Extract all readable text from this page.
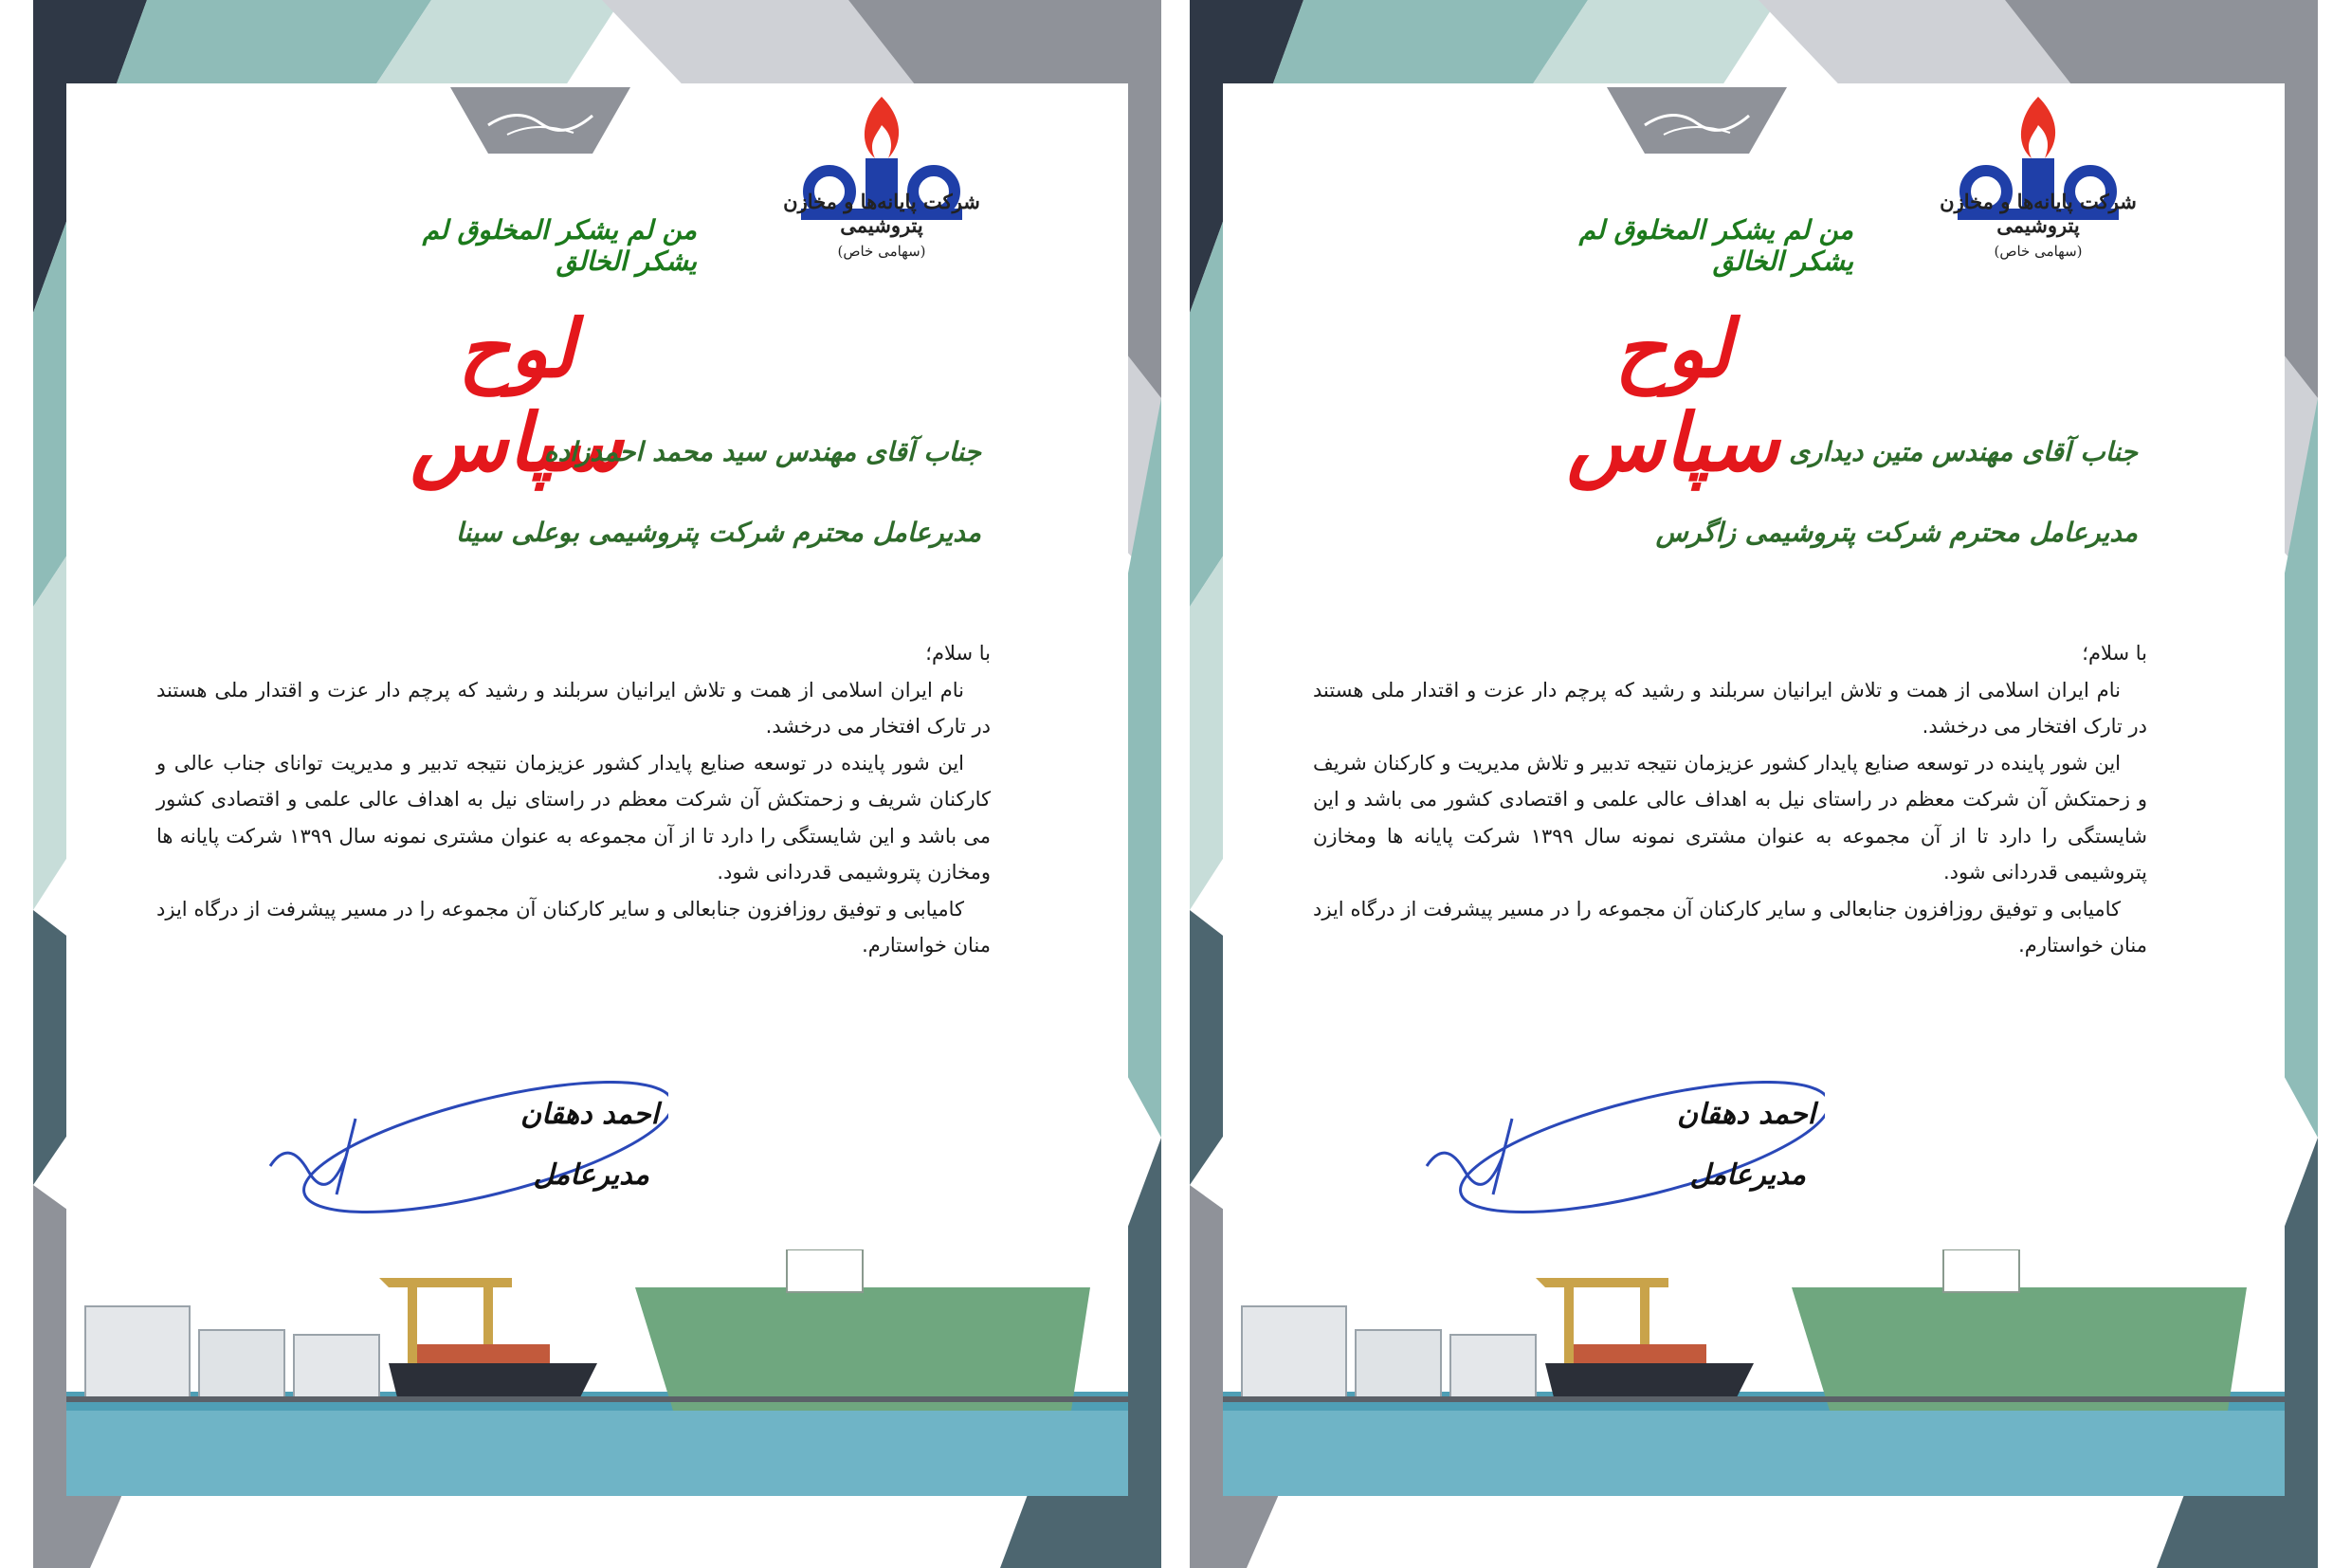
شرکت پایانه‌ها و مخازن پتروشیمی
(سهامی خاص)
من لم یشکر المخلوق لم یشکر الخالق
لوح سپاس
جناب آقای مهندس سید محمد احمدزاده
مدیرعامل محترم شرکت پتروشیمی بوعلی سینا

با سلام؛

نام ایران اسلامی از همت و تلاش ایرانیان سربلند و رشید که پرچم دار عزت و اقتدار ملی هستند در تارک افتخار می درخشد.

این شور پاینده در توسعه صنایع پایدار کشور عزیزمان نتیجه تدبیر و مدیریت توانای جناب عالی و کارکنان شریف و زحمتکش آن شرکت معظم در راستای نیل به اهداف عالی علمی و اقتصادی کشور می باشد و این شایستگی را دارد تا از آن مجموعه به عنوان مشتری نمونه سال ۱۳۹۹ شرکت پایانه ها ومخازن پتروشیمی قدردانی شود.

کامیابی و توفیق روزافزون جنابعالی و سایر کارکنان آن مجموعه را در مسیر پیشرفت از درگاه ایزد منان خواستارم.

احمد دهقان
مدیرعامل
شرکت پایانه‌ها و مخازن پتروشیمی
(سهامی خاص)
من لم یشکر المخلوق لم یشکر الخالق
لوح سپاس جناب آقای مهندس متین دیداری
مدیرعامل محترم شرکت پتروشیمی زاگرس

با سلام؛

نام ایران اسلامی از همت و تلاش ایرانیان سربلند و رشید که پرچم دار عزت و اقتدار ملی هستند در تارک افتخار می درخشد.

این شور پاینده در توسعه صنایع پایدار کشور عزیزمان نتیجه تدبیر و تلاش مدیریت و کارکنان شریف و زحمتکش آن شرکت معظم در راستای نیل به اهداف عالی علمی و اقتصادی کشور می باشد و این شایستگی را دارد تا از آن مجموعه به عنوان مشتری نمونه سال ۱۳۹۹ شرکت پایانه ها ومخازن پتروشیمی قدردانی شود.

کامیابی و توفیق روزافزون جنابعالی و سایر کارکنان آن مجموعه را در مسیر پیشرفت از درگاه ایزد منان خواستارم.

احمد دهقان
مدیرعامل
